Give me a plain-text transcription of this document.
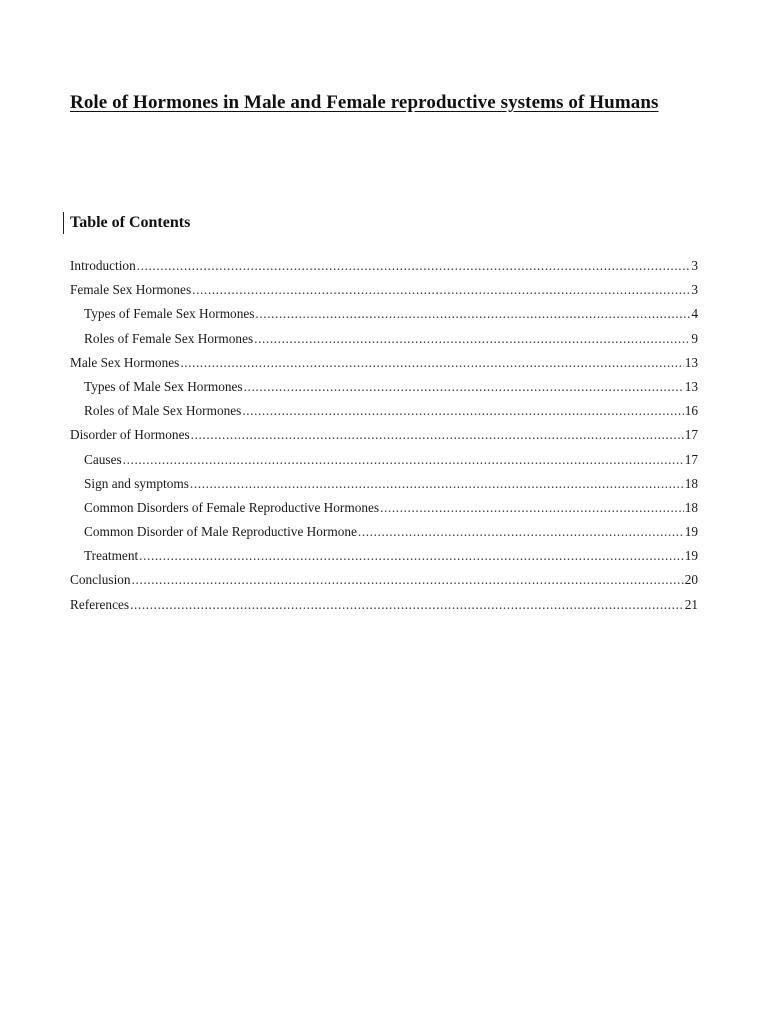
Role of Hormones in Male and Female reproductive systems of Humans
Table of Contents
Introduction .....	3
Female Sex Hormones .....	3
Types of Female Sex Hormones .....	4
Roles of Female Sex Hormones .....	9
Male Sex Hormones .....	13
Types of Male Sex Hormones .....	13
Roles of Male Sex Hormones .....	16
Disorder of Hormones .....	17
Causes .....	17
Sign and symptoms .....	18
Common Disorders of Female Reproductive Hormones .....	18
Common Disorder of Male Reproductive Hormone .....	19
Treatment .....	19
Conclusion .....	20
References .....	21
